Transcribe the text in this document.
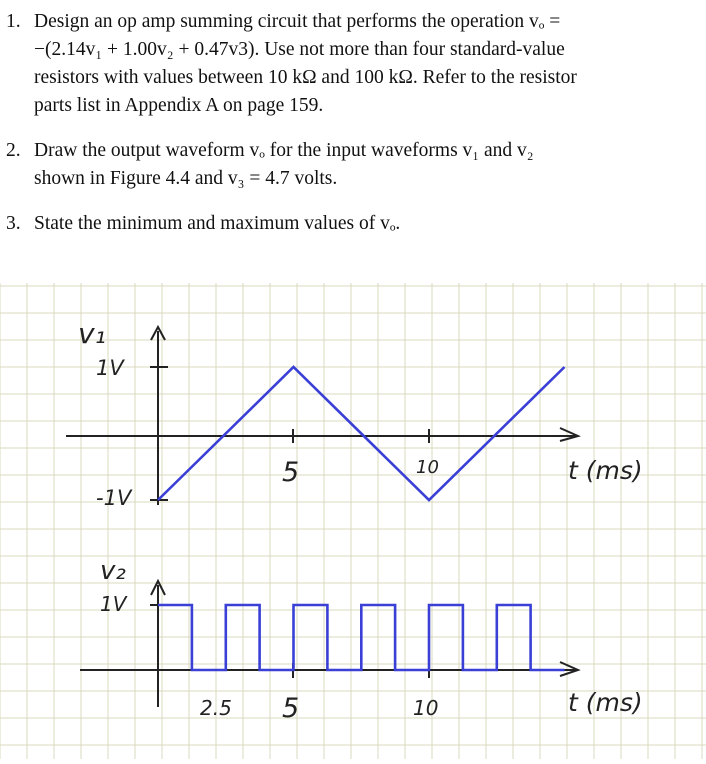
1. Design an op amp summing circuit that performs the operation vₒ =
−(2.14v₁ + 1.00v₂ + 0.47v3). Use not more than four standard-value
resistors with values between 10 kΩ and 100 kΩ. Refer to the resistor
parts list in Appendix A on page 159.
2. Draw the output waveform vₒ for the input waveforms v₁ and v₂
shown in Figure 4.4 and v₃ = 4.7 volts.
3. State the minimum and maximum values of vₒ.
v₁
1V
-1V
5	10	t (ms)
v₂
1V
2.5 5	10	t (ms)
